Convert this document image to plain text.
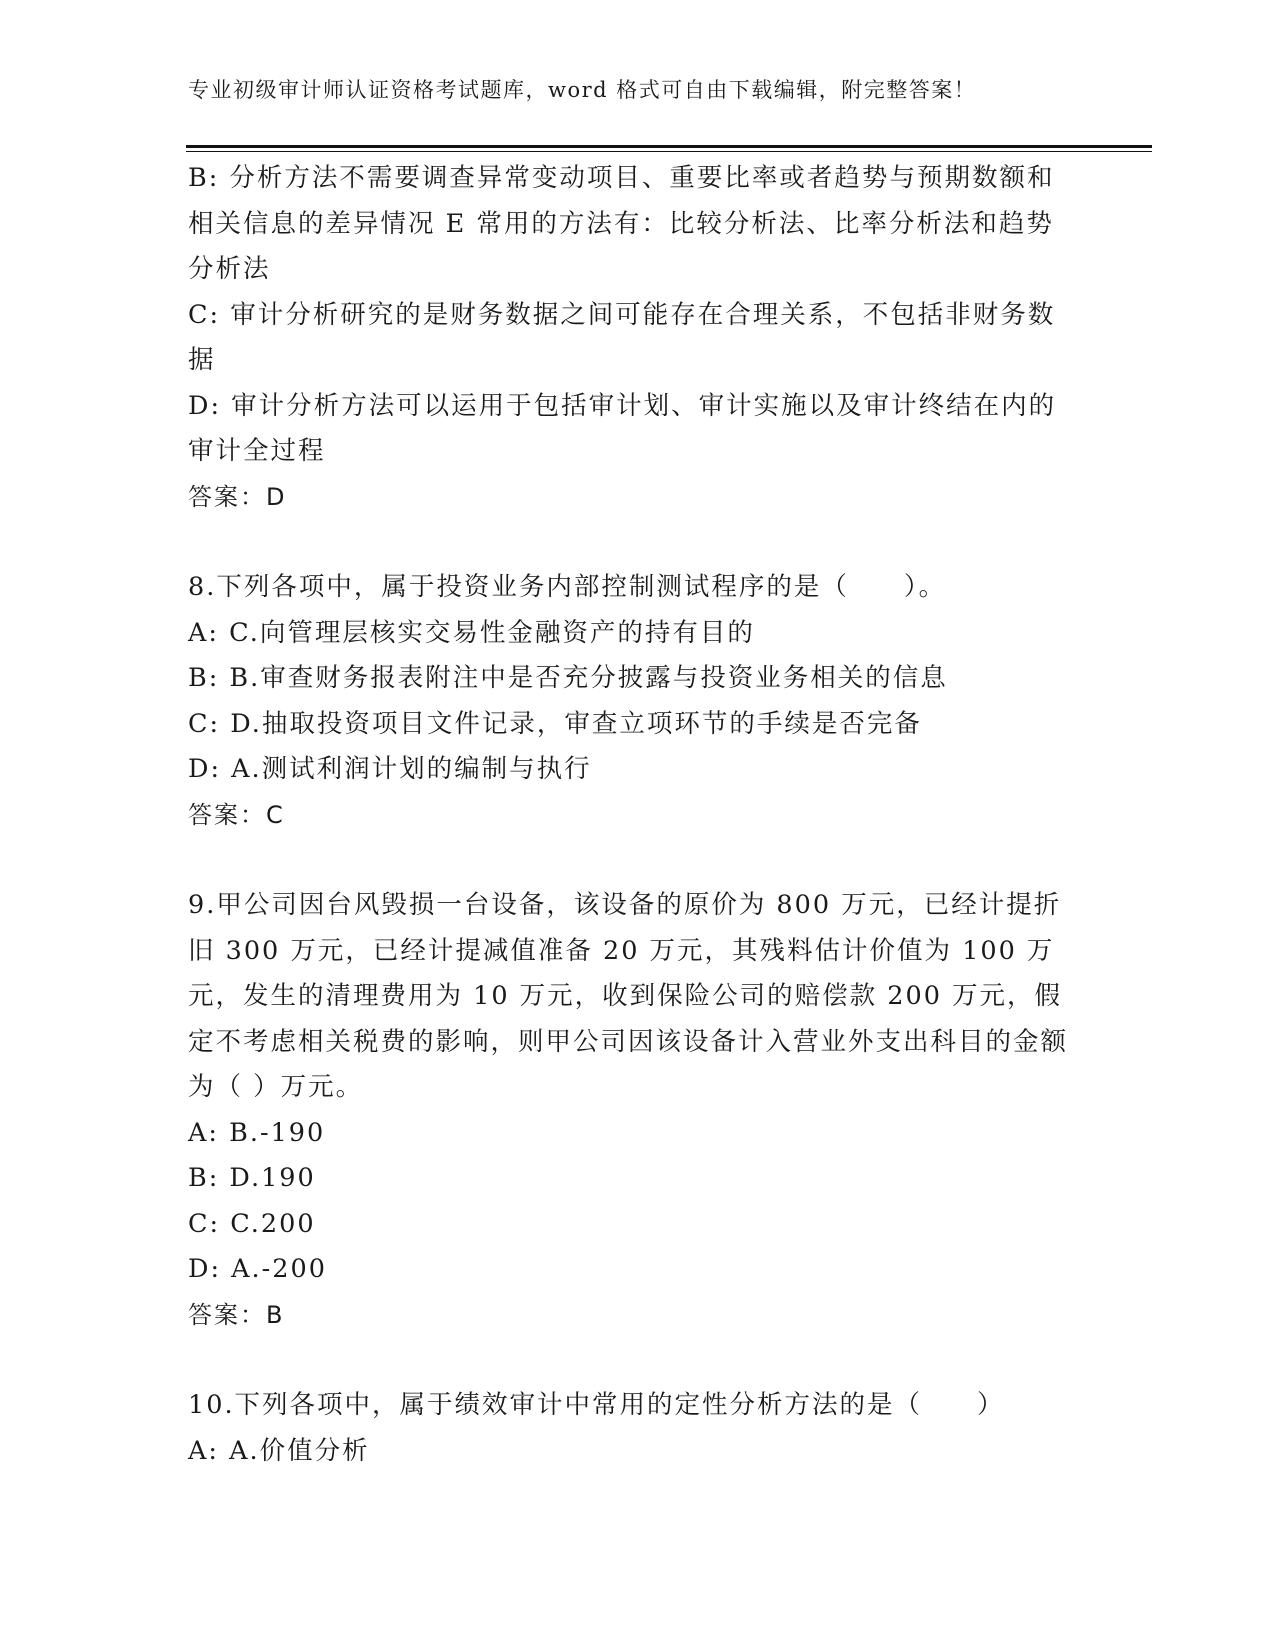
专业初级审计师认证资格考试题库，word 格式可自由下载编辑，附完整答案！

B: 分析方法不需要调查异常变动项目、重要比率或者趋势与预期数额和相关信息的差异情况 E 常用的方法有：比较分析法、比率分析法和趋势分析法

C: 审计分析研究的是财务数据之间可能存在合理关系，不包括非财务数据

D: 审计分析方法可以运用于包括审计划、审计实施以及审计终结在内的审计全过程

答案：D

8.下列各项中，属于投资业务内部控制测试程序的是（　　）。

A: C.向管理层核实交易性金融资产的持有目的

B: B.审查财务报表附注中是否充分披露与投资业务相关的信息

C: D.抽取投资项目文件记录，审查立项环节的手续是否完备

D: A.测试利润计划的编制与执行

答案：C

9.甲公司因台风毁损一台设备，该设备的原价为 800 万元，已经计提折旧 300 万元，已经计提减值准备 20 万元，其残料估计价值为 100 万元，发生的清理费用为 10 万元，收到保险公司的赔偿款 200 万元，假定不考虑相关税费的影响，则甲公司因该设备计入营业外支出科目的金额为（ ）万元。

A: B.-190

B: D.190

C: C.200

D: A.-200

答案：B

10.下列各项中，属于绩效审计中常用的定性分析方法的是（　　）

A: A.价值分析
